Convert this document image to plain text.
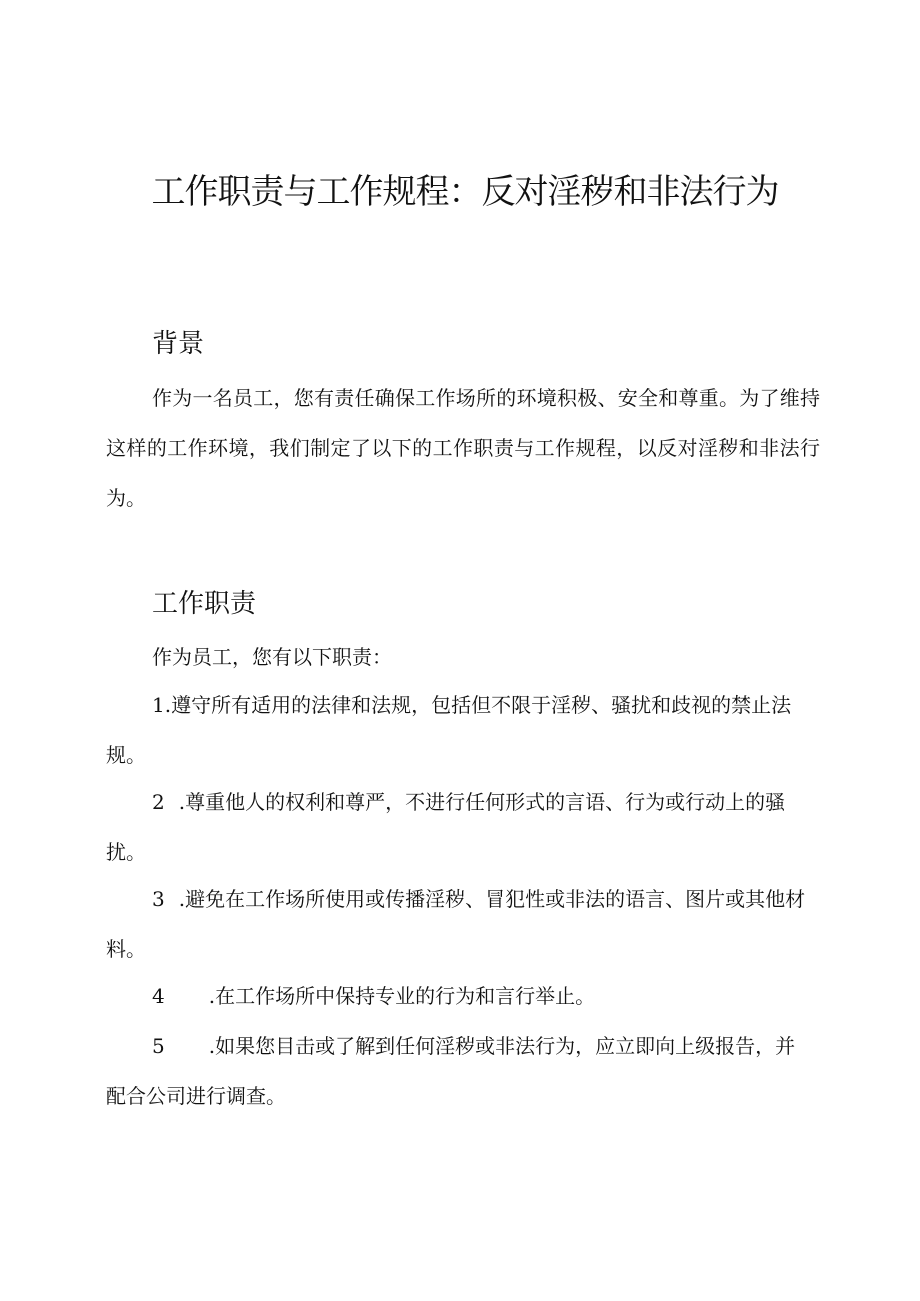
工作职责与工作规程：反对淫秽和非法行为
背景

作为一名员工，您有责任确保工作场所的环境积极、安全和尊重。为了维持这样的工作环境，我们制定了以下的工作职责与工作规程，以反对淫秽和非法行为。

工作职责

作为员工，您有以下职责：

1.遵守所有适用的法律和法规，包括但不限于淫秽、骚扰和歧视的禁止法规。

2 .尊重他人的权利和尊严，不进行任何形式的言语、行为或行动上的骚扰。

3 .避免在工作场所使用或传播淫秽、冒犯性或非法的语言、图片或其他材料。

4 .在工作场所中保持专业的行为和言行举止。

5 .如果您目击或了解到任何淫秽或非法行为，应立即向上级报告，并配合公司进行调查。
